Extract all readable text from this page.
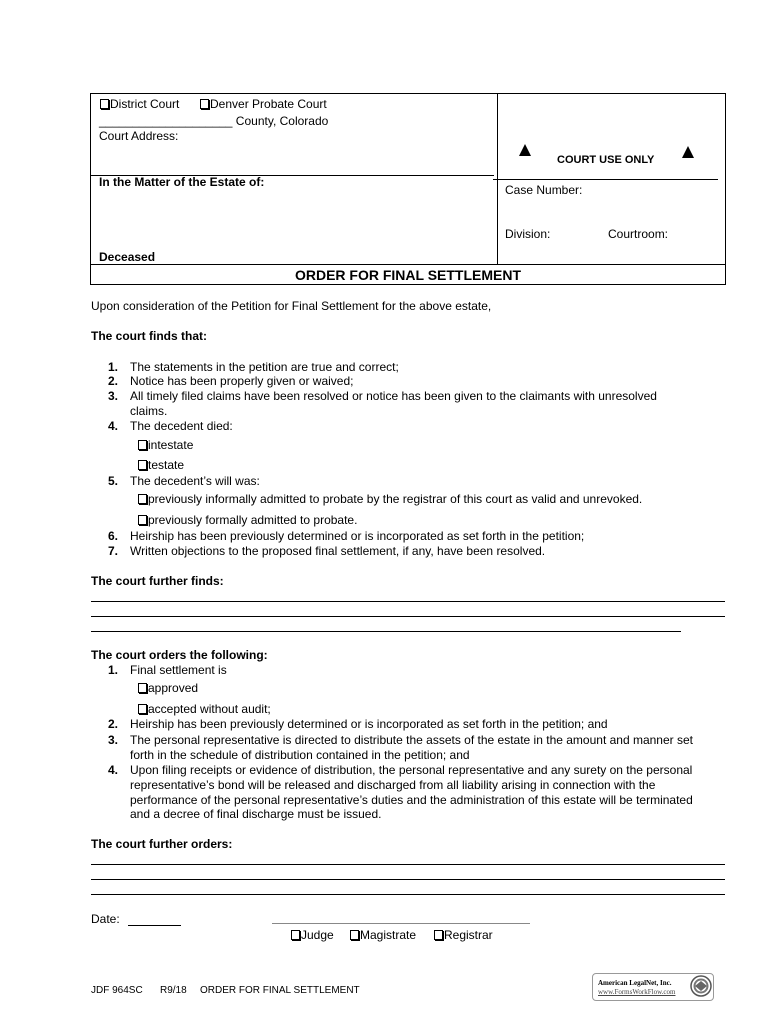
District Court	Denver Probate Court
____________________ County, Colorado
Court Address:
In the Matter of the Estate of:
Deceased
COURT USE ONLY
Case Number:
Division:	Courtroom:
ORDER FOR FINAL SETTLEMENT
Upon consideration of the Petition for Final Settlement for the above estate,
The court finds that:
1. The statements in the petition are true and correct;
2. Notice has been properly given or waived;
3. All timely filed claims have been resolved or notice has been given to the claimants with unresolved
claims.
4. The decedent died:
intestate
testate
5. The decedent’s will was:
previously informally admitted to probate by the registrar of this court as valid and unrevoked.
previously formally admitted to probate.
6. Heirship has been previously determined or is incorporated as set forth in the petition;
7. Written objections to the proposed final settlement, if any, have been resolved.
The court further finds:
The court orders the following:
1. Final settlement is
approved
accepted without audit;
2. Heirship has been previously determined or is incorporated as set forth in the petition; and
3. The personal representative is directed to distribute the assets of the estate in the amount and manner set
forth in the schedule of distribution contained in the petition; and
4. Upon filing receipts or evidence of distribution, the personal representative and any surety on the personal
representative’s bond will be released and discharged from all liability arising in connection with the
performance of the personal representative’s duties and the administration of this estate will be terminated
and a decree of final discharge must be issued.
The court further orders:
Date:
Judge	Magistrate	Registrar
JDF 964SC R9/18 ORDER FOR FINAL SETTLEMENT
American LegalNet, Inc.
www.FormsWorkFlow.com
